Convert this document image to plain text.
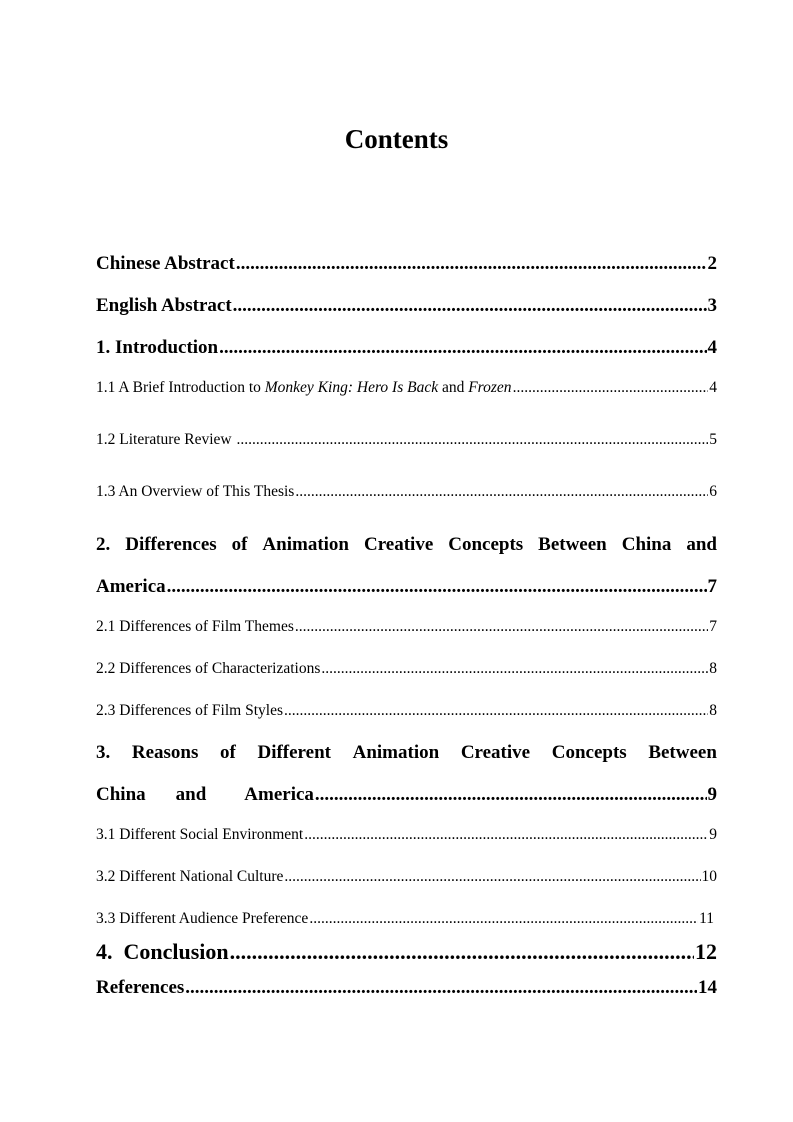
Contents
Chinese Abstract .....	2
English Abstract .....	3
1. Introduction .....	4
1.1 A Brief Introduction to Monkey King: Hero Is Back and Frozen .....	4
1.2 Literature Review .....	5
1.3 An Overview of This Thesis .....	6
2. Differences of Animation Creative Concepts Between China and
America .....	7
2.1 Differences of Film Themes .....	7
2.2 Differences of Characterizations .....	8
2.3 Differences of Film Styles .....	8
3. Reasons of Different Animation Creative Concepts Between
China and America .....	9
3.1 Different Social Environment .....	9
3.2 Different National Culture .....	10
3.3 Different Audience Preference .....	11
4.  Conclusion .....	12
References .....	14
